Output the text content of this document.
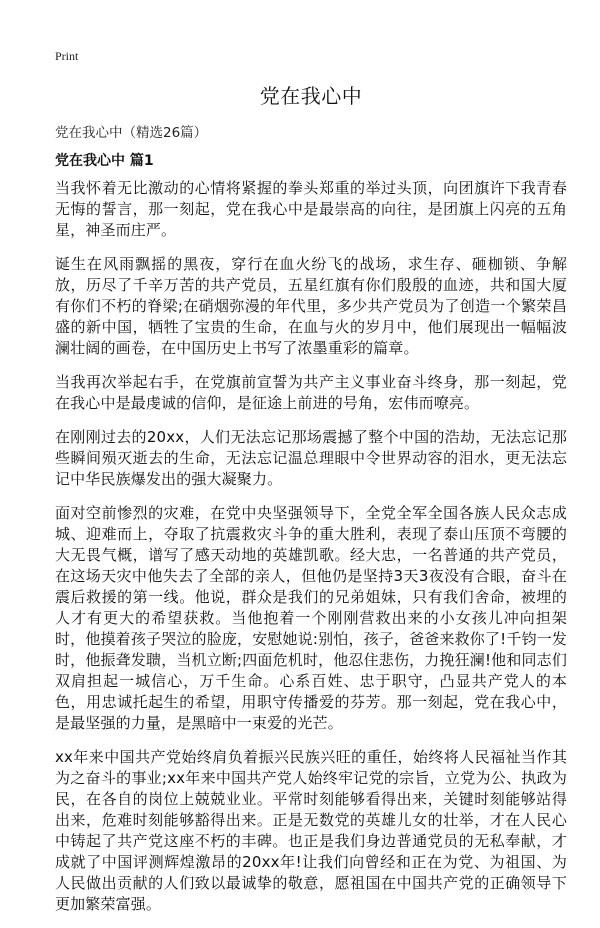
Print
党在我心中
党在我心中（精选26篇）
党在我心中 篇1

当我怀着无比激动的心情将紧握的拳头郑重的举过头顶，向团旗许下我青春无悔的誓言，那一刻起，党在我心中是最崇高的向往，是团旗上闪亮的五角星，神圣而庄严。

诞生在风雨飘摇的黑夜，穿行在血火纷飞的战场，求生存、砸枷锁、争解放，历尽了千辛万苦的共产党员，五星红旗有你们殷殷的血迹，共和国大厦有你们不朽的脊梁;在硝烟弥漫的年代里，多少共产党员为了创造一个繁荣昌盛的新中国，牺牲了宝贵的生命，在血与火的岁月中，他们展现出一幅幅波澜壮阔的画卷，在中国历史上书写了浓墨重彩的篇章。

当我再次举起右手，在党旗前宣誓为共产主义事业奋斗终身，那一刻起，党在我心中是最虔诚的信仰，是征途上前进的号角，宏伟而嘹亮。

在刚刚过去的20xx，人们无法忘记那场震撼了整个中国的浩劫，无法忘记那些瞬间殒灭逝去的生命，无法忘记温总理眼中令世界动容的泪水，更无法忘记中华民族爆发出的强大凝聚力。

面对空前惨烈的灾难，在党中央坚强领导下，全党全军全国各族人民众志成城、迎难而上，夺取了抗震救灾斗争的重大胜利，表现了泰山压顶不弯腰的大无畏气概，谱写了感天动地的英雄凯歌。经大忠，一名普通的共产党员，在这场天灾中他失去了全部的亲人，但他仍是坚持3天3夜没有合眼，奋斗在震后救援的第一线。他说，群众是我们的兄弟姐妹，只有我们舍命，被埋的人才有更大的希望获救。当他抱着一个刚刚营救出来的小女孩儿冲向担架时，他摸着孩子哭泣的脸庞，安慰她说:别怕，孩子，爸爸来救你了!千钧一发时，他振聋发聩，当机立断;四面危机时，他忍住悲伤，力挽狂澜!他和同志们双肩担起一城信心，万千生命。心系百姓、忠于职守，凸显共产党人的本色，用忠诚托起生的希望，用职守传播爱的芬芳。那一刻起，党在我心中，是最坚强的力量，是黑暗中一束爱的光芒。

xx年来中国共产党始终肩负着振兴民族兴旺的重任，始终将人民福祉当作其为之奋斗的事业;xx年来中国共产党人始终牢记党的宗旨，立党为公、执政为民，在各自的岗位上兢兢业业。平常时刻能够看得出来，关键时刻能够站得出来，危难时刻能够豁得出来。正是无数党的英雄儿女的壮举，才在人民心中铸起了共产党这座不朽的丰碑。也正是我们身边普通党员的无私奉献，才成就了中国评测辉煌激昂的20xx年!让我们向曾经和正在为党、为祖国、为人民做出贡献的人们致以最诚挚的敬意，愿祖国在中国共产党的正确领导下更加繁荣富强。
